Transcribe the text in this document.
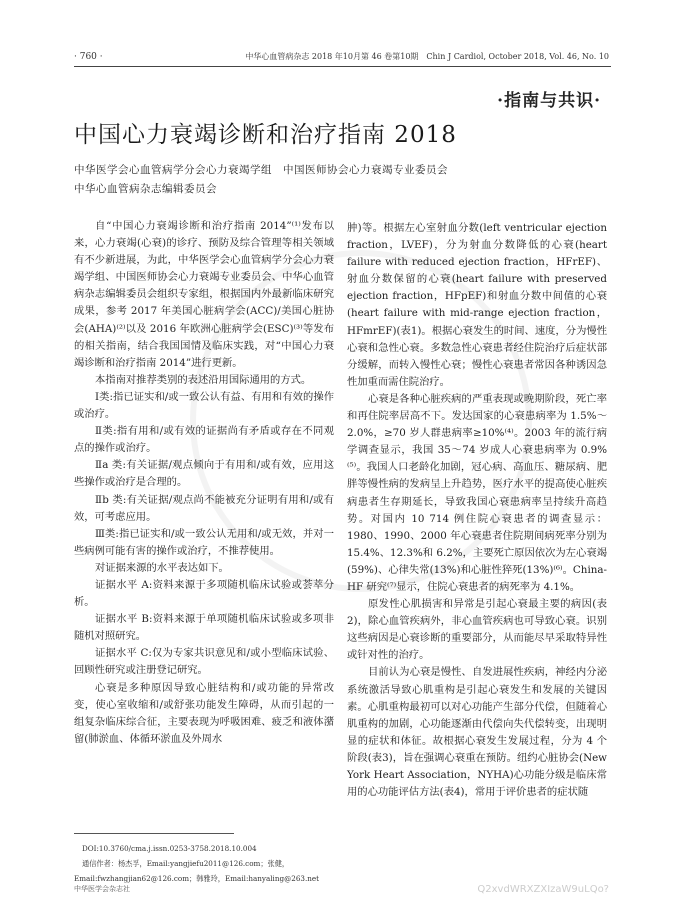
· 760 ·	中华心血管病杂志 2018 年10月第 46 卷第10期　Chin J Cardiol, October 2018, Vol. 46, No. 10
·指南与共识·
中国心力衰竭诊断和治疗指南 2018
中华医学会心血管病学分会心力衰竭学组　中国医师协会心力衰竭专业委员会
中华心血管病杂志编辑委员会

自“中国心力衰竭诊断和治疗指南 2014”⁽¹⁾发布以来，心力衰竭(心衰)的诊疗、预防及综合管理等相关领域有不少新进展，为此，中华医学会心血管病学分会心力衰竭学组、中国医师协会心力衰竭专业委员会、中华心血管病杂志编辑委员会组织专家组，根据国内外最新临床研究成果，参考 2017 年美国心脏病学会(ACC)/美国心脏协会(AHA)⁽²⁾以及 2016 年欧洲心脏病学会(ESC)⁽³⁾等发布的相关指南，结合我国国情及临床实践，对“中国心力衰竭诊断和治疗指南 2014”进行更新。

本指南对推荐类别的表述沿用国际通用的方式。

Ⅰ类:指已证实和/或一致公认有益、有用和有效的操作或治疗。

Ⅱ类:指有用和/或有效的证据尚有矛盾或存在不同观点的操作或治疗。

Ⅱa 类:有关证据/观点倾向于有用和/或有效，应用这些操作或治疗是合理的。

Ⅱb 类:有关证据/观点尚不能被充分证明有用和/或有效，可考虑应用。

Ⅲ类:指已证实和/或一致公认无用和/或无效，并对一些病例可能有害的操作或治疗，不推荐使用。

对证据来源的水平表达如下。

证据水平 A:资料来源于多项随机临床试验或荟萃分析。

证据水平 B:资料来源于单项随机临床试验或多项非随机对照研究。

证据水平 C:仅为专家共识意见和/或小型临床试验、回顾性研究或注册登记研究。

心衰是多种原因导致心脏结构和/或功能的异常改变，使心室收缩和/或舒张功能发生障碍，从而引起的一组复杂临床综合征，主要表现为呼吸困难、疲乏和液体潴留(肺淤血、体循环淤血及外周水

肿)等。根据左心室射血分数(left ventricular ejection fraction，LVEF)，分为射血分数降低的心衰(heart failure with reduced ejection fraction，HFrEF)、射血分数保留的心衰(heart failure with preserved ejection fraction，HFpEF)和射血分数中间值的心衰(heart failure with mid-range ejection fraction，HFmrEF)(表1)。根据心衰发生的时间、速度，分为慢性心衰和急性心衰。多数急性心衰患者经住院治疗后症状部分缓解，而转入慢性心衰；慢性心衰患者常因各种诱因急性加重而需住院治疗。

心衰是各种心脏疾病的严重表现或晚期阶段，死亡率和再住院率居高不下。发达国家的心衰患病率为 1.5%～2.0%，≥70 岁人群患病率≥10%⁽⁴⁾。2003 年的流行病学调查显示，我国 35～74 岁成人心衰患病率为 0.9%⁽⁵⁾。我国人口老龄化加剧，冠心病、高血压、糖尿病、肥胖等慢性病的发病呈上升趋势，医疗水平的提高使心脏疾病患者生存期延长，导致我国心衰患病率呈持续升高趋势。对国内 10 714 例住院心衰患者的调查显示：1980、1990、2000 年心衰患者住院期间病死率分别为 15.4%、12.3%和 6.2%，主要死亡原因依次为左心衰竭(59%)、心律失常(13%)和心脏性猝死(13%)⁽⁶⁾。China-HF 研究⁽⁷⁾显示，住院心衰患者的病死率为 4.1%。

原发性心肌损害和异常是引起心衰最主要的病因(表2)，除心血管疾病外，非心血管疾病也可导致心衰。识别这些病因是心衰诊断的重要部分，从而能尽早采取特异性或针对性的治疗。

目前认为心衰是慢性、自发进展性疾病，神经内分泌系统激活导致心肌重构是引起心衰发生和发展的关键因素。心肌重构最初可以对心功能产生部分代偿，但随着心肌重构的加剧，心功能逐渐由代偿向失代偿转变，出现明显的症状和体征。故根据心衰发生发展过程，分为 4 个阶段(表3)，旨在强调心衰重在预防。纽约心脏协会(New York Heart Association，NYHA)心功能分级是临床常用的心功能评估方法(表4)，常用于评价患者的症状随

DOI:10.3760/cma.j.issn.0253-3758.2018.10.004
通信作者：杨杰孚，Email:yangjiefu2011@126.com；张健，
Email:fwzhangjian62@126.com；韩雅玲，Email:hanyaling@263.net
中华医学会杂志社	Q2xvdWRXZXIzaW9uLQo?
